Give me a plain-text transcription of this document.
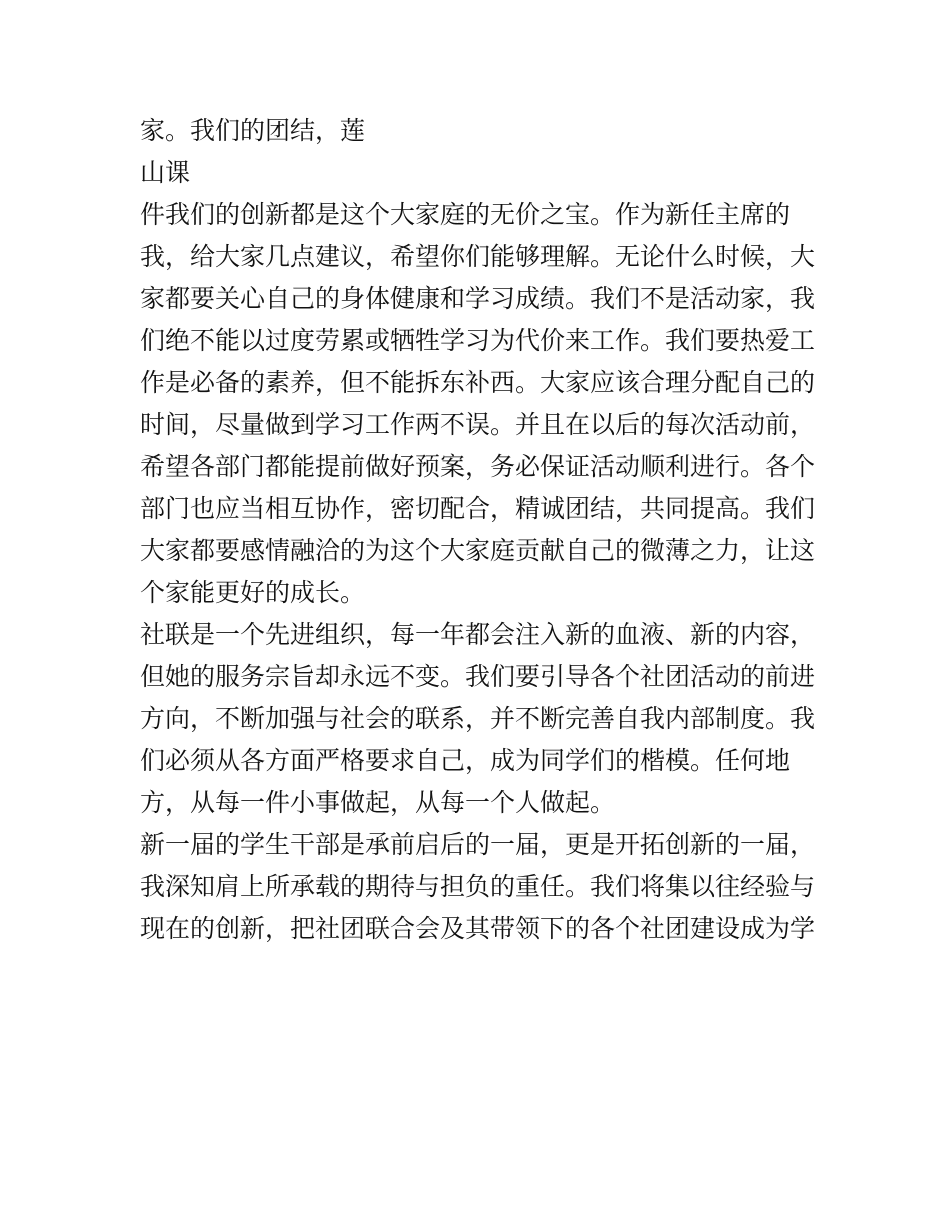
家。我们的团结，莲

山课

件我们的创新都是这个大家庭的无价之宝。作为新任主席的

我，给大家几点建议，希望你们能够理解。无论什么时候，大

家都要关心自己的身体健康和学习成绩。我们不是活动家，我

们绝不能以过度劳累或牺牲学习为代价来工作。我们要热爱工

作是必备的素养，但不能拆东补西。大家应该合理分配自己的

时间，尽量做到学习工作两不误。并且在以后的每次活动前，

希望各部门都能提前做好预案，务必保证活动顺利进行。各个

部门也应当相互协作，密切配合，精诚团结，共同提高。我们

大家都要感情融洽的为这个大家庭贡献自己的微薄之力，让这

个家能更好的成长。

社联是一个先进组织，每一年都会注入新的血液、新的内容，

但她的服务宗旨却永远不变。我们要引导各个社团活动的前进

方向，不断加强与社会的联系，并不断完善自我内部制度。我

们必须从各方面严格要求自己，成为同学们的楷模。任何地

方，从每一件小事做起，从每一个人做起。

新一届的学生干部是承前启后的一届，更是开拓创新的一届，

我深知肩上所承载的期待与担负的重任。我们将集以往经验与

现在的创新，把社团联合会及其带领下的各个社团建设成为学
